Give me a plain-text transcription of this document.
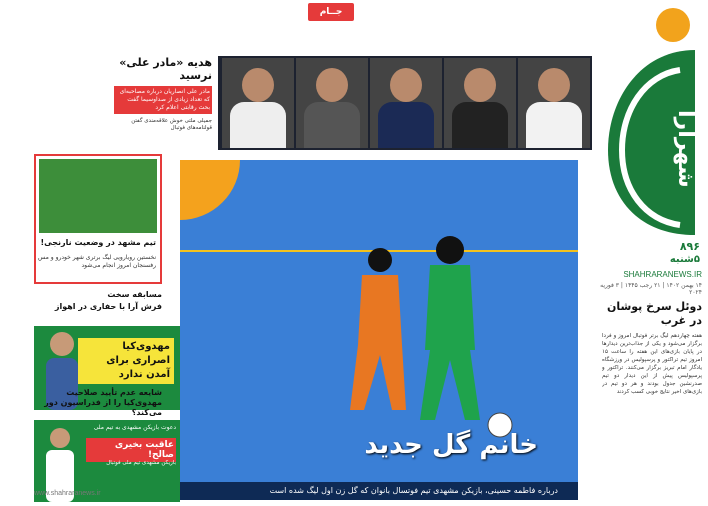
شهرآرا
۸۹۶
۵شنبه
SHAHRARANEWS.IR
۱۴ بهمن ۱۴۰۲ | ۲۱ رجب ۱۴۴۵ | ۳ فوریه ۲۰۲۴
دوئل سرخ پوشان در غرب
هفته چهاردهم لیگ برتر فوتبال امروز و فردا برگزار می‌شود و یکی از جذاب‌ترین دیدارها در پایان بازی‌های این هفته را ساعت ۱۵ امروز تیم تراکتور و پرسپولیس در ورزشگاه یادگار امام تبریز برگزار می‌کنند. تراکتور و پرسپولیس پیش از این دیدار دو تیم صدرنشین جدول بودند و هر دو تیم در بازی‌های اخیر نتایج خوبی کسب کردند
جــام
هدیه «مادر علی» نرسید
مادر علی انصاریان درباره مصاحبه‌ای که تعداد زیادی از صداوسیما گفت بحث رقابتی اعلام کرد
جمیلی ملتی خوش علاقه‌مندی گفتن قولنامه‌های فوتبال
خانم گل جدید
درباره فاطمه حسینی، بازیکن مشهدی تیم فوتسال بانوان که گل زن اول لیگ شده است
تیم مشهد در وضعیت نارنجی!
نخستین رویارویی لیگ برتری شهر خودرو و مس رفسنجان امروز انجام می‌شود
مسابقه سخت
فرش آرا با حفاری در اهواز
مهدوی‌کیا اصراری برای آمدن ندارد
شایعه عدم تأیید صلاحیت مهدوی‌کیا را از فدراسیون دور می‌کند؟
دعوت بازیکن مشهدی به تیم ملی
عاقبت بخیری صالح!
بازیکن مشهدی تیم ملی فوتبال
www.shahraranews.ir
